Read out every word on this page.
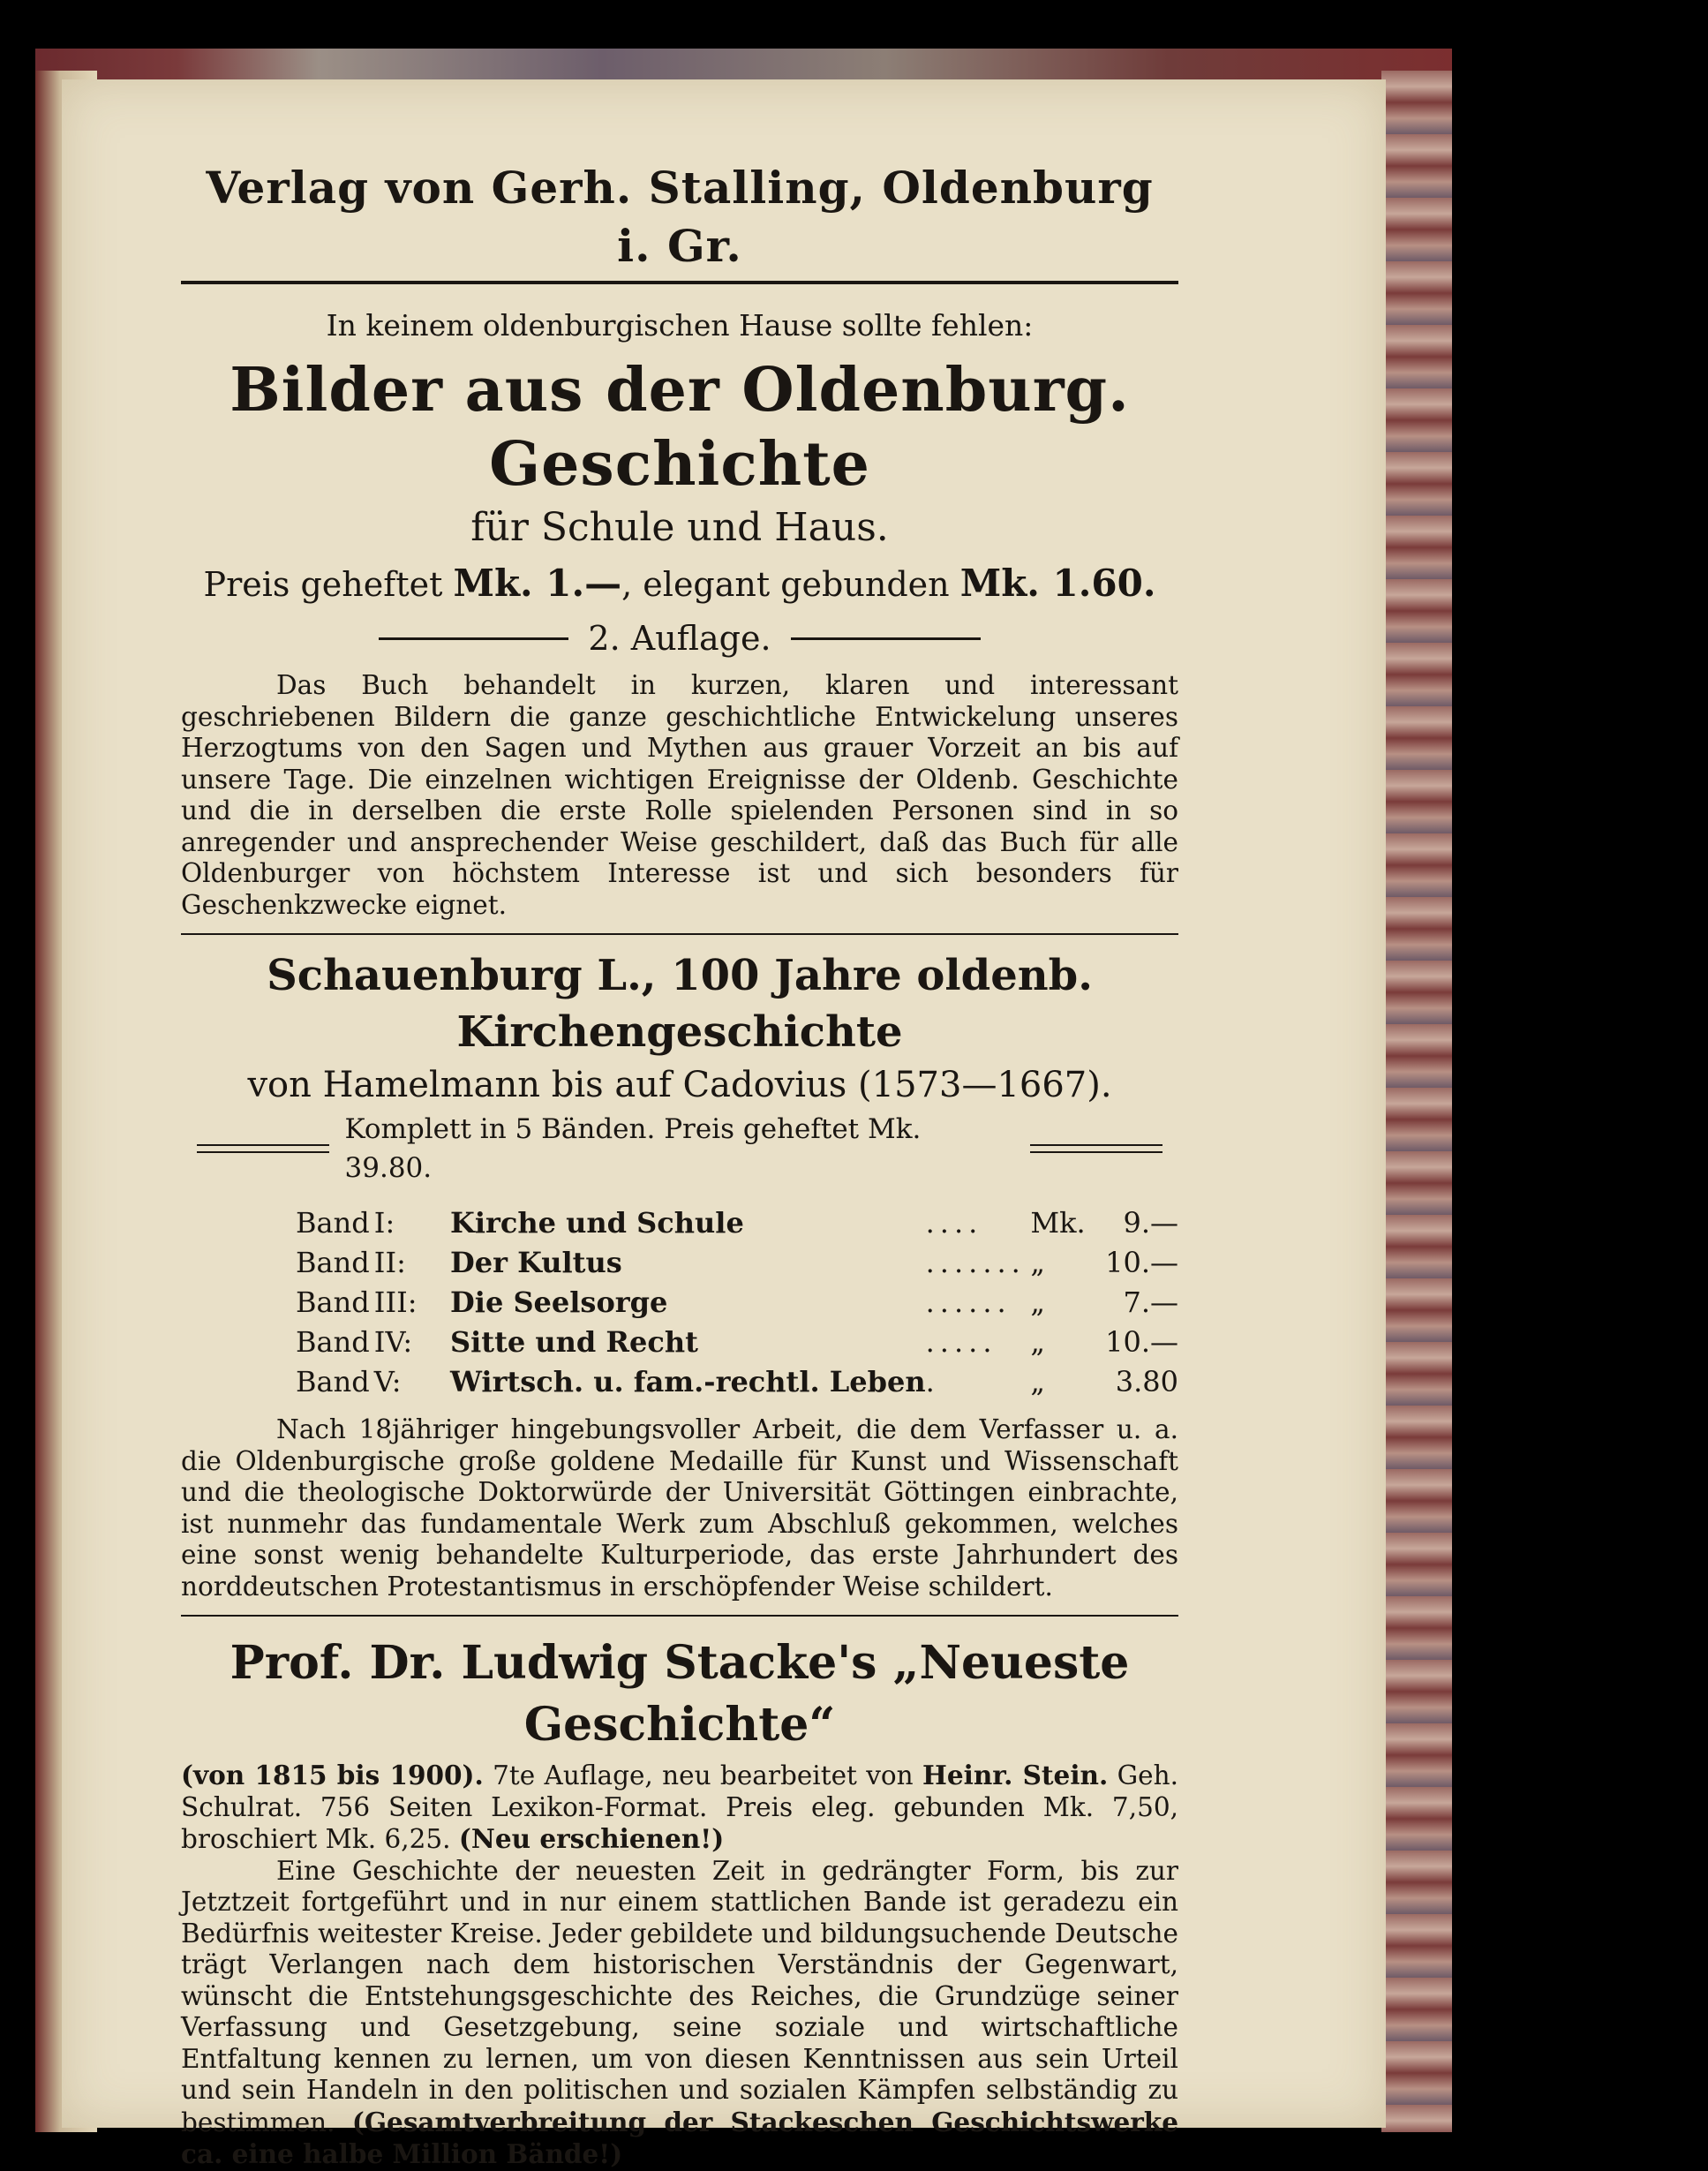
Verlag von Gerh. Stalling, Oldenburg i. Gr.
In keinem oldenburgischen Hause sollte fehlen:
Bilder aus der Oldenburg. Geschichte
für Schule und Haus.
Preis geheftet Mk. 1.—, elegant gebunden Mk. 1.60.
2. Auflage.

Das Buch behandelt in kurzen, klaren und interessant geschriebenen Bildern die ganze geschichtliche Entwickelung unseres Herzogtums von den Sagen und Mythen aus grauer Vorzeit an bis auf unsere Tage. Die einzelnen wichtigen Ereignisse der Oldenb. Geschichte und die in derselben die erste Rolle spielenden Personen sind in so anregender und ansprechender Weise geschildert, daß das Buch für alle Oldenburger von höchstem Interesse ist und sich besonders für Geschenkzwecke eignet.

Schauenburg L., 100 Jahre oldenb. Kirchengeschichte
von Hamelmann bis auf Cadovius (1573—1667).
Komplett in 5 Bänden. Preis geheftet Mk. 39.80.
Band	I:	Kirche und Schule	....	Mk.	9.—
Band	II:	Der Kultus	.......	„	10.—
Band	III:	Die Seelsorge	......	„	7.—
Band	IV:	Sitte und Recht	.....	„	10.—
Band	V:	Wirtsch. u. fam.-rechtl. Leben	.	„	3.80

Nach 18jähriger hingebungsvoller Arbeit, die dem Verfasser u. a. die Oldenburgische große goldene Medaille für Kunst und Wissenschaft und die theologische Doktorwürde der Universität Göttingen einbrachte, ist nunmehr das fundamentale Werk zum Abschluß gekommen, welches eine sonst wenig behandelte Kulturperiode, das erste Jahrhundert des norddeutschen Protestantismus in erschöpfender Weise schildert.

Prof. Dr. Ludwig Stacke's „Neueste Geschichte“

(von 1815 bis 1900). 7te Auflage, neu bearbeitet von Heinr. Stein. Geh. Schulrat. 756 Seiten Lexikon-Format. Preis eleg. gebunden Mk. 7,50, broschiert Mk. 6,25. (Neu erschienen!)

Eine Geschichte der neuesten Zeit in gedrängter Form, bis zur Jetztzeit fortgeführt und in nur einem stattlichen Bande ist geradezu ein Bedürfnis weitester Kreise. Jeder gebildete und bildungsuchende Deutsche trägt Verlangen nach dem historischen Verständnis der Gegenwart, wünscht die Entstehungsgeschichte des Reiches, die Grundzüge seiner Verfassung und Gesetzgebung, seine soziale und wirtschaftliche Entfaltung kennen zu lernen, um von diesen Kenntnissen aus sein Urteil und sein Handeln in den politischen und sozialen Kämpfen selbständig zu bestimmen. (Gesamtverbreitung der Stackeschen Geschichtswerke ca. eine halbe Million Bände!)
